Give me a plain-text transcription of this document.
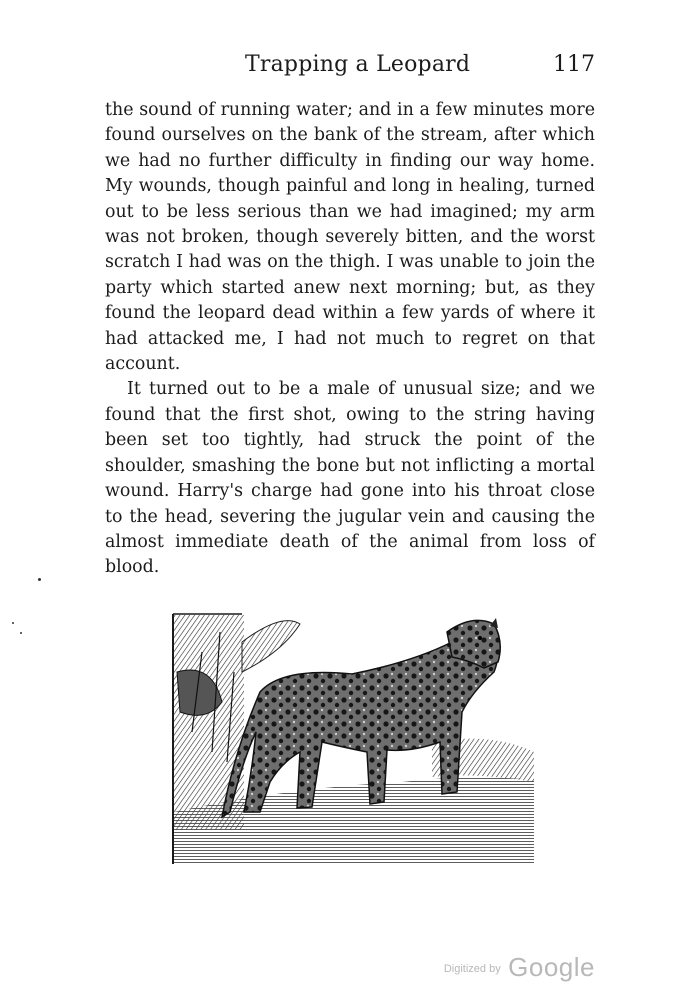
Trapping a Leopard	117

the sound of running water; and in a few minutes more found ourselves on the bank of the stream, after which we had no further difficulty in finding our way home. My wounds, though painful and long in healing, turned out to be less serious than we had imagined; my arm was not broken, though severely bitten, and the worst scratch I had was on the thigh. I was unable to join the party which started anew next morning; but, as they found the leopard dead within a few yards of where it had attacked me, I had not much to regret on that account.

It turned out to be a male of unusual size; and we found that the first shot, owing to the string having been set too tightly, had struck the point of the shoulder, smashing the bone but not inflicting a mortal wound. Harry's charge had gone into his throat close to the head, severing the jugular vein and causing the almost immediate death of the animal from loss of blood.

$^{Digitized by}$ Google
